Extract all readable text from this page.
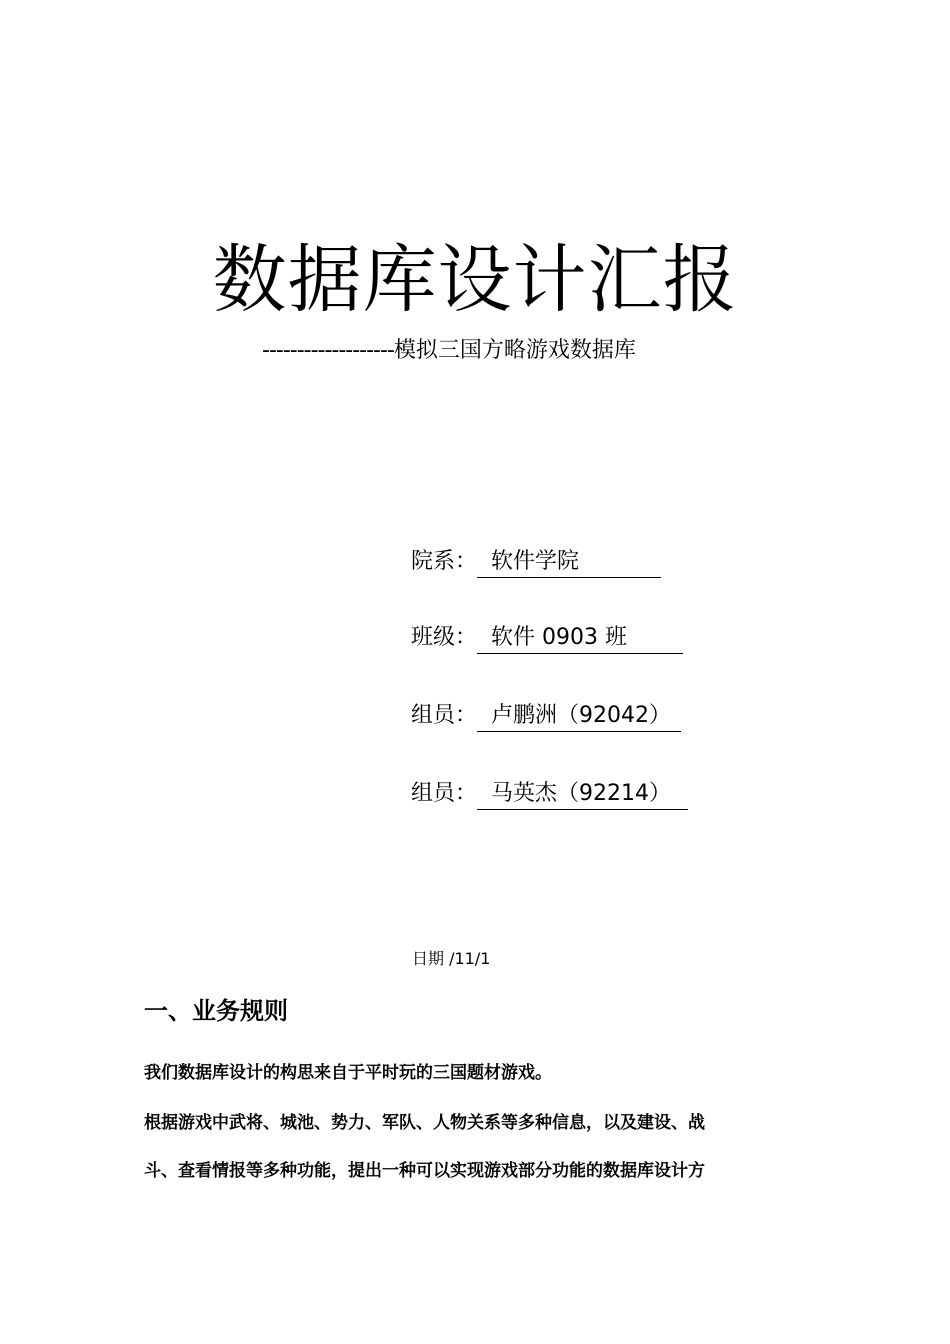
数据库设计汇报
-------------------模拟三国方略游戏数据库
院系： 软件学院
班级： 软件 0903 班
组员： 卢鹏洲（92042）
组员： 马英杰（92214）
日期 /11/1
一、业务规则
我们数据库设计的构思来自于平时玩的三国题材游戏。
根据游戏中武将、城池、势力、军队、人物关系等多种信息，以及建设、战
斗、查看情报等多种功能，提出一种可以实现游戏部分功能的数据库设计方
